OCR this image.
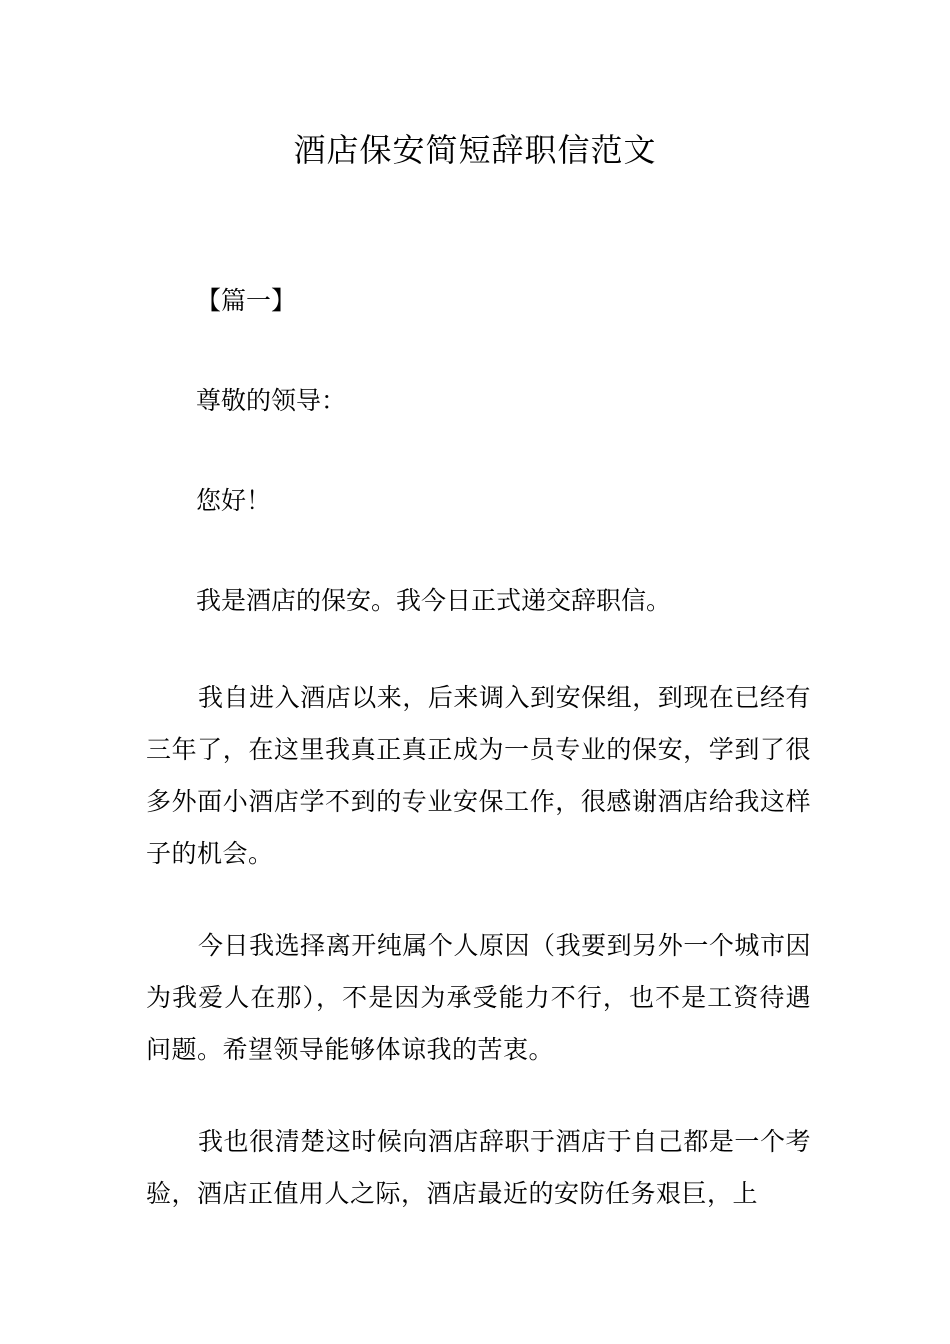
酒店保安简短辞职信范文
【篇一】
尊敬的领导：
您好！
我是酒店的保安。我今日正式递交辞职信。
我自进入酒店以来，后来调入到安保组，到现在已经有三年了，在这里我真正真正成为一员专业的保安，学到了很多外面小酒店学不到的专业安保工作，很感谢酒店给我这样子的机会。
今日我选择离开纯属个人原因（我要到另外一个城市因为我爱人在那），不是因为承受能力不行，也不是工资待遇问题。希望领导能够体谅我的苦衷。
我也很清楚这时候向酒店辞职于酒店于自己都是一个考验，酒店正值用人之际，酒店最近的安防任务艰巨，上
